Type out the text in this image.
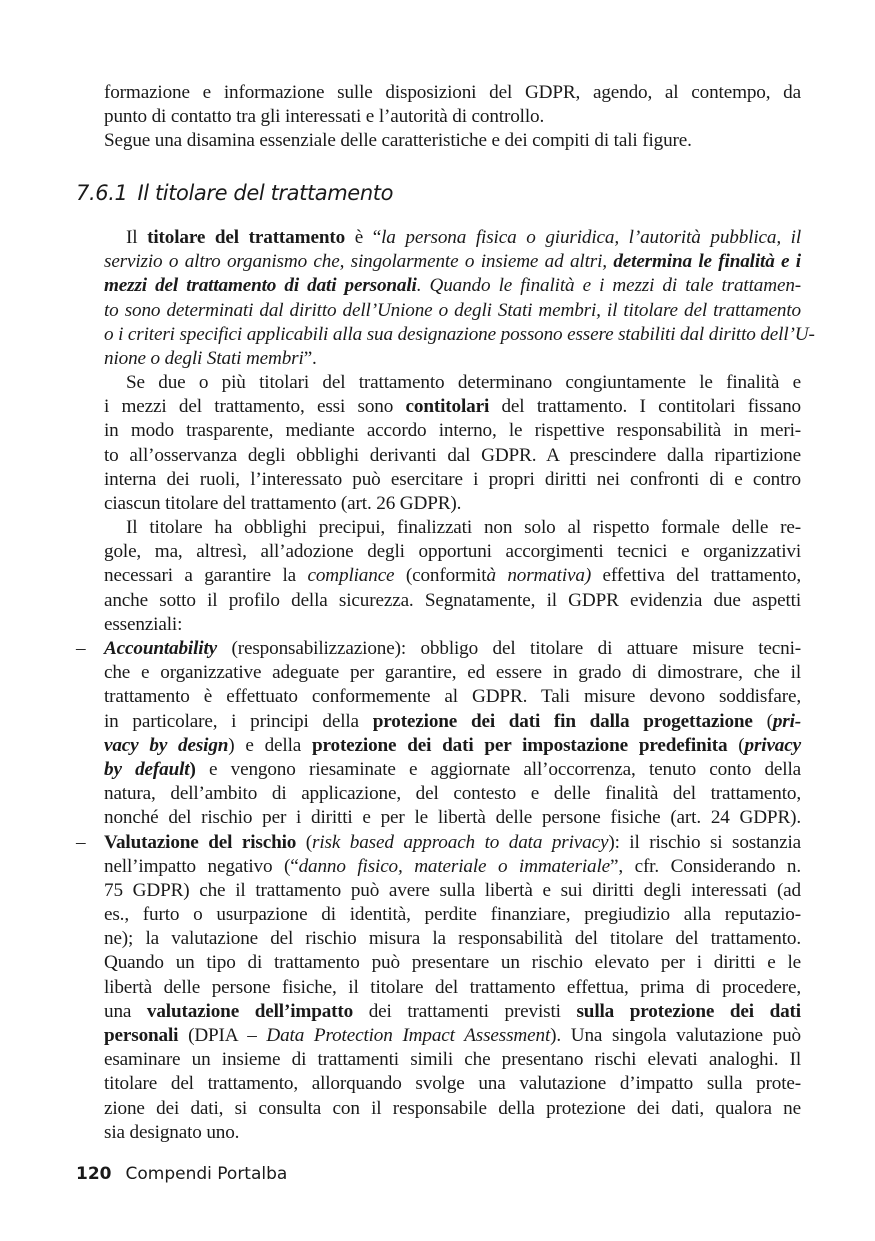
formazione e informazione sulle disposizioni del GDPR, agendo, al contempo, da
punto di contatto tra gli interessati e l’autorità di controllo.
Segue una disamina essenziale delle caratteristiche e dei compiti di tali figure.
7.6.1 Il titolare del trattamento
Il titolare del trattamento è “la persona fisica o giuridica, l’autorità pubblica, il
servizio o altro organismo che, singolarmente o insieme ad altri, determina le finalità e i
mezzi del trattamento di dati personali. Quando le finalità e i mezzi di tale trattamen-
to sono determinati dal diritto dell’Unione o degli Stati membri, il titolare del trattamento
o i criteri specifici applicabili alla sua designazione possono essere stabiliti dal diritto dell’U-
nione o degli Stati membri”.
Se due o più titolari del trattamento determinano congiuntamente le finalità e
i mezzi del trattamento, essi sono contitolari del trattamento. I contitolari fissano
in modo trasparente, mediante accordo interno, le rispettive responsabilità in meri-
to all’osservanza degli obblighi derivanti dal GDPR. A prescindere dalla ripartizione
interna dei ruoli, l’interessato può esercitare i propri diritti nei confronti di e contro
ciascun titolare del trattamento (art. 26 GDPR).
Il titolare ha obblighi precipui, finalizzati non solo al rispetto formale delle re-
gole, ma, altresì, all’adozione degli opportuni accorgimenti tecnici e organizzativi
necessari a garantire la compliance (conformità normativa) effettiva del trattamento,
anche sotto il profilo della sicurezza. Segnatamente, il GDPR evidenzia due aspetti
essenziali:
– Accountability (responsabilizzazione): obbligo del titolare di attuare misure tecni-
che e organizzative adeguate per garantire, ed essere in grado di dimostrare, che il
trattamento è effettuato conformemente al GDPR. Tali misure devono soddisfare,
in particolare, i principi della protezione dei dati fin dalla progettazione (pri-
vacy by design) e della protezione dei dati per impostazione predefinita (privacy
by default) e vengono riesaminate e aggiornate all’occorrenza, tenuto conto della
natura, dell’ambito di applicazione, del contesto e delle finalità del trattamento,
nonché del rischio per i diritti e per le libertà delle persone fisiche (art. 24 GDPR).
– Valutazione del rischio (risk based approach to data privacy): il rischio si sostanzia
nell’impatto negativo (“danno fisico, materiale o immateriale”, cfr. Considerando n.
75 GDPR) che il trattamento può avere sulla libertà e sui diritti degli interessati (ad
es., furto o usurpazione di identità, perdite finanziare, pregiudizio alla reputazio-
ne); la valutazione del rischio misura la responsabilità del titolare del trattamento.
Quando un tipo di trattamento può presentare un rischio elevato per i diritti e le
libertà delle persone fisiche, il titolare del trattamento effettua, prima di procedere,
una valutazione dell’impatto dei trattamenti previsti sulla protezione dei dati
personali (DPIA – Data Protection Impact Assessment). Una singola valutazione può
esaminare un insieme di trattamenti simili che presentano rischi elevati analoghi. Il
titolare del trattamento, allorquando svolge una valutazione d’impatto sulla prote-
zione dei dati, si consulta con il responsabile della protezione dei dati, qualora ne
sia designato uno.
120 Compendi Portalba
